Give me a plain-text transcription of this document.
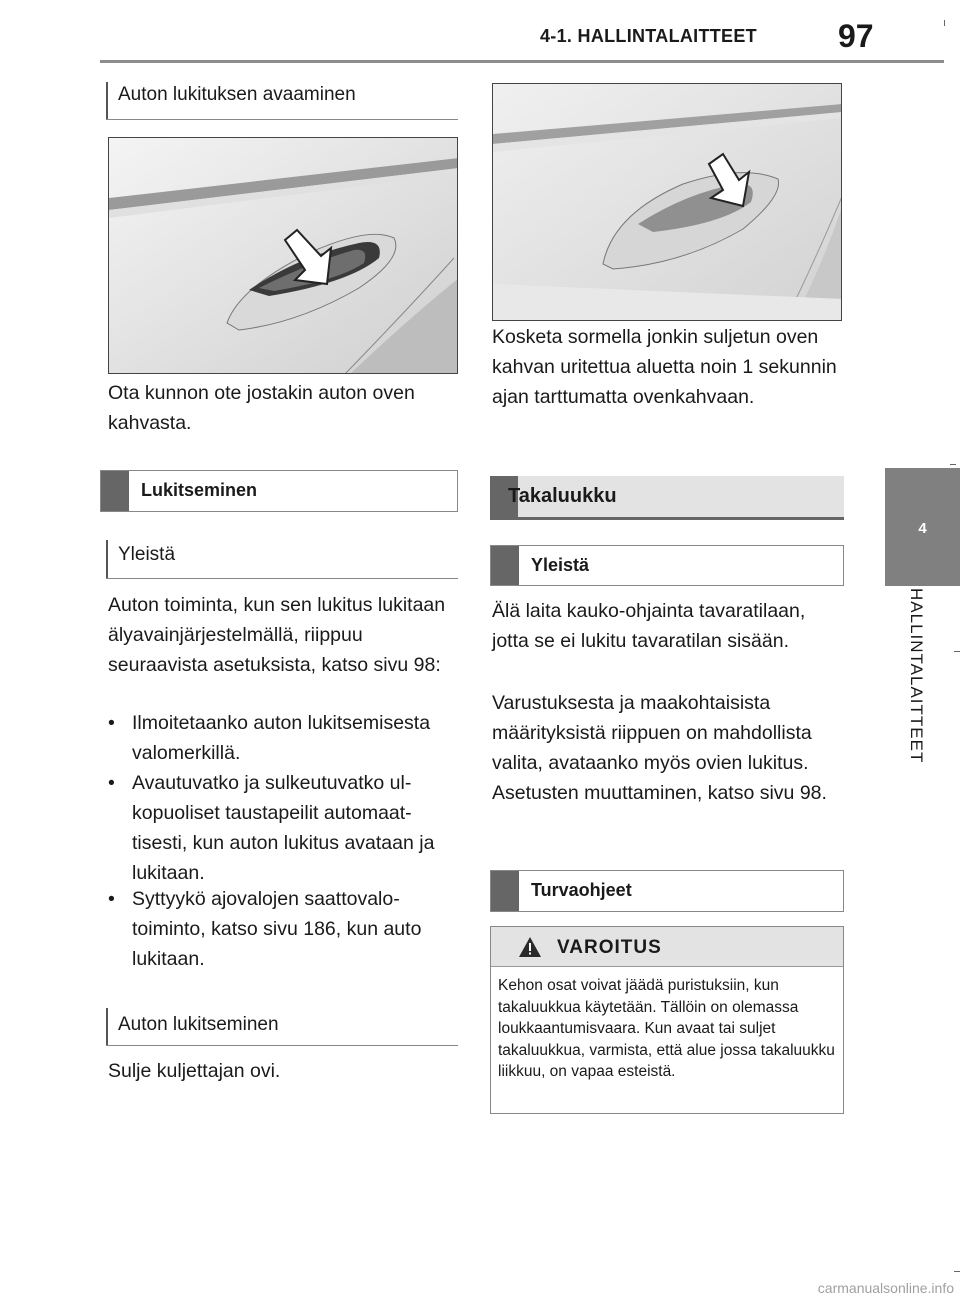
4-1. HALLINTALAITTEET	97
4
HALLINTALAITTEET
Auton lukituksen avaaminen
Ota kunnon ote jostakin auton oven kahvasta.
Lukitseminen
Yleistä
Auton toiminta, kun sen lukitus lukitaan älyavainjärjestelmällä, riippuu seuraavista asetuksista, katso sivu 98:
• Ilmoitetaanko auton lukitsemisesta valomerkillä.
• Avautuvatko ja sulkeutuvatko ulkopuoliset taustapeilit automaattisesti, kun auton lukitus avataan ja lukitaan.
• Syttyykö ajovalojen saattovalotoiminto, katso sivu 186, kun auto lukitaan.
Auton lukitseminen
Sulje kuljettajan ovi.
Kosketa sormella jonkin suljetun oven kahvan uritettua aluetta noin 1 sekunnin ajan tarttumatta ovenkahvaan.
Takaluukku
Yleistä
Älä laita kauko-ohjainta tavaratilaan, jotta se ei lukitu tavaratilan sisään.
Varustuksesta ja maakohtaisista määrityksistä riippuen on mahdollista valita, avataanko myös ovien lukitus. Asetusten muuttaminen, katso sivu 98.
Turvaohjeet
VAROITUS
Kehon osat voivat jäädä puristuksiin, kun takaluukkua käytetään. Tällöin on olemassa loukkaantumisvaara. Kun avaat tai suljet takaluukkua, varmista, että alue jossa takaluukku liikkuu, on vapaa esteistä.
carmanualsonline.info
